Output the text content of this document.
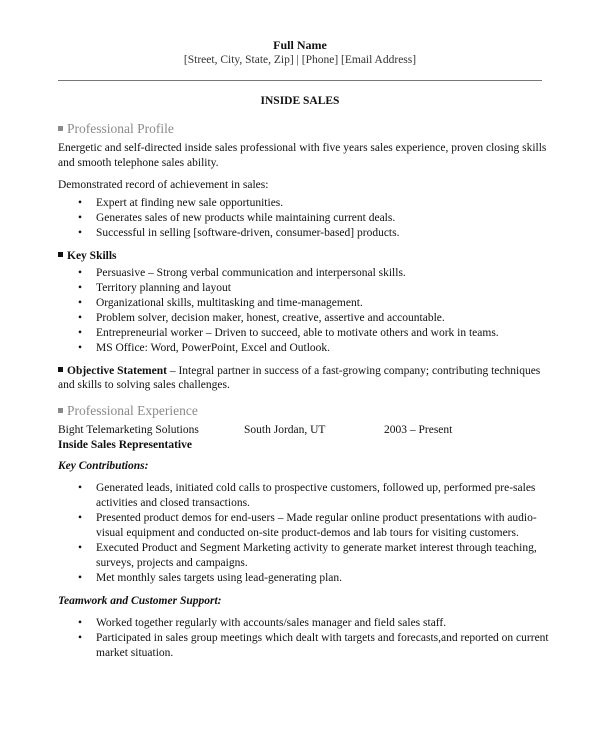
Full Name
[Street, City, State, Zip] | [Phone] [Email Address]
INSIDE SALES
Professional Profile

Energetic and self-directed inside sales professional with five years sales experience, proven closing skills and smooth telephone sales ability.

Demonstrated record of achievement in sales:

• Expert at finding new sale opportunities.
• Generates sales of new products while maintaining current deals.
• Successful in selling [software-driven, consumer-based] products.
Key Skills
• Persuasive – Strong verbal communication and interpersonal skills.
• Territory planning and layout
• Organizational skills, multitasking and time-management.
• Problem solver, decision maker, honest, creative, assertive and accountable.
• Entrepreneurial worker – Driven to succeed, able to motivate others and work in teams.
• MS Office: Word, PowerPoint, Excel and Outlook.

Objective Statement – Integral partner in success of a fast-growing company; contributing techniques and skills to solving sales challenges.

Professional Experience
Bight Telemarketing Solutions	South Jordan, UT	2003 – Present
Inside Sales Representative
Key Contributions:
• Generated leads, initiated cold calls to prospective customers, followed up, performed pre-sales activities and closed transactions.
• Presented product demos for end-users – Made regular online product presentations with audio-visual equipment and conducted on-site product-demos and lab tours for visiting customers.
• Executed Product and Segment Marketing activity to generate market interest through teaching, surveys, projects and campaigns.
• Met monthly sales targets using lead-generating plan.
Teamwork and Customer Support:
• Worked together regularly with accounts/sales manager and field sales staff.
• Participated in sales group meetings which dealt with targets and forecasts,and reported on current market situation.
